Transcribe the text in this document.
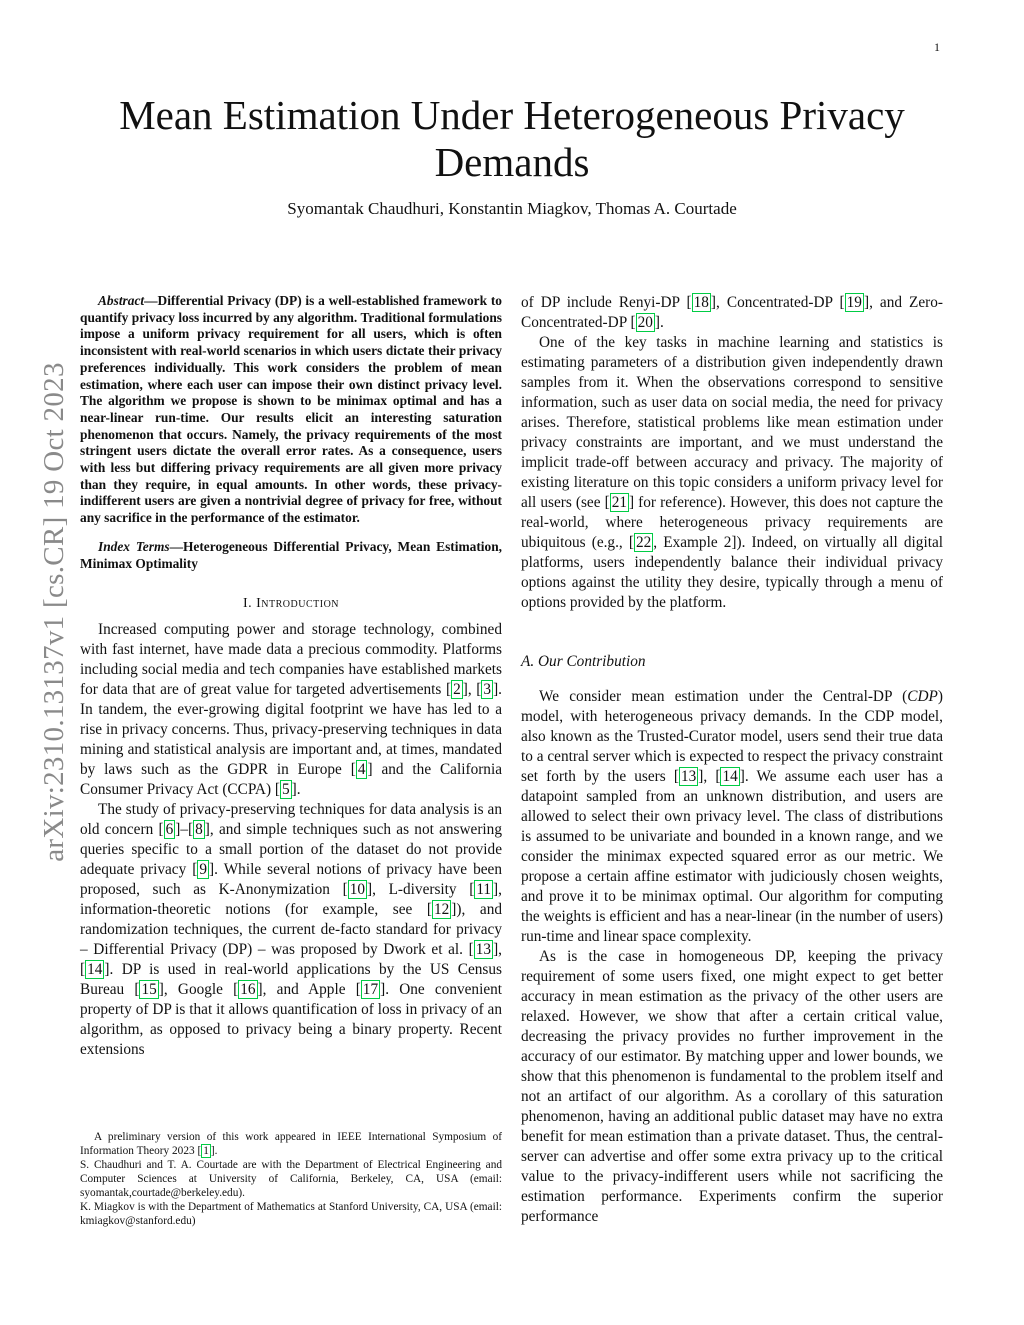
1
arXiv:2310.13137v1 [cs.CR] 19 Oct 2023
Mean Estimation Under Heterogeneous Privacy
Demands
Syomantak Chaudhuri, Konstantin Miagkov, Thomas A. Courtade

Abstract—Differential Privacy (DP) is a well-established framework to quantify privacy loss incurred by any algorithm. Traditional formulations impose a uniform privacy requirement for all users, which is often inconsistent with real-world scenarios in which users dictate their privacy preferences individually. This work considers the problem of mean estimation, where each user can impose their own distinct privacy level. The algorithm we propose is shown to be minimax optimal and has a near-linear run-time. Our results elicit an interesting saturation phenomenon that occurs. Namely, the privacy requirements of the most stringent users dictate the overall error rates. As a consequence, users with less but differing privacy requirements are all given more privacy than they require, in equal amounts. In other words, these privacy-indifferent users are given a nontrivial degree of privacy for free, without any sacrifice in the performance of the estimator.

Index Terms—Heterogeneous Differential Privacy, Mean Estimation, Minimax Optimality

I. Introduction

Increased computing power and storage technology, combined with fast internet, have made data a precious commodity. Platforms including social media and tech companies have established markets for data that are of great value for targeted advertisements [ 2 ], [ 3 ]. In tandem, the ever-growing digital footprint we have has led to a rise in privacy concerns. Thus, privacy-preserving techniques in data mining and statistical analysis are important and, at times, mandated by laws such as the GDPR in Europe [ 4 ] and the California Consumer Privacy Act (CCPA) [ 5 ].

The study of privacy-preserving techniques for data analysis is an old concern [ 6 ]–[ 8 ], and simple techniques such as not answering queries specific to a small portion of the dataset do not provide adequate privacy [ 9 ]. While several notions of privacy have been proposed, such as K-Anonymization [ 10 ], L-diversity [ 11 ], information-theoretic notions (for example, see [ 12 ]), and randomization techniques, the current de-facto standard for privacy – Differential Privacy (DP) – was proposed by Dwork et al. [ 13 ], [ 14 ]. DP is used in real-world applications by the US Census Bureau [ 15 ], Google [ 16 ], and Apple [ 17 ]. One convenient property of DP is that it allows quantification of loss in privacy of an algorithm, as opposed to privacy being a binary property. Recent extensions

A preliminary version of this work appeared in IEEE International Symposium of Information Theory 2023 [ 1 ].

S. Chaudhuri and T. A. Courtade are with the Department of Electrical Engineering and Computer Sciences at University of California, Berkeley, CA, USA (email: syomantak,courtade@berkeley.edu).

K. Miagkov is with the Department of Mathematics at Stanford University, CA, USA (email: kmiagkov@stanford.edu)

of DP include Renyi-DP [ 18 ], Concentrated-DP [ 19 ], and Zero-Concentrated-DP [ 20 ].

One of the key tasks in machine learning and statistics is estimating parameters of a distribution given independently drawn samples from it. When the observations correspond to sensitive information, such as user data on social media, the need for privacy arises. Therefore, statistical problems like mean estimation under privacy constraints are important, and we must understand the implicit trade-off between accuracy and privacy. The majority of existing literature on this topic considers a uniform privacy level for all users (see [ 21 ] for reference). However, this does not capture the real-world, where heterogeneous privacy requirements are ubiquitous (e.g., [ 22 , Example 2]). Indeed, on virtually all digital platforms, users independently balance their individual privacy options against the utility they desire, typically through a menu of options provided by the platform.

A. Our Contribution

We consider mean estimation under the Central-DP (CDP) model, with heterogeneous privacy demands. In the CDP model, also known as the Trusted-Curator model, users send their true data to a central server which is expected to respect the privacy constraint set forth by the users [ 13 ], [ 14 ]. We assume each user has a datapoint sampled from an unknown distribution, and users are allowed to select their own privacy level. The class of distributions is assumed to be univariate and bounded in a known range, and we consider the minimax expected squared error as our metric. We propose a certain affine estimator with judiciously chosen weights, and prove it to be minimax optimal. Our algorithm for computing the weights is efficient and has a near-linear (in the number of users) run-time and linear space complexity.

As is the case in homogeneous DP, keeping the privacy requirement of some users fixed, one might expect to get better accuracy in mean estimation as the privacy of the other users are relaxed. However, we show that after a certain critical value, decreasing the privacy provides no further improvement in the accuracy of our estimator. By matching upper and lower bounds, we show that this phenomenon is fundamental to the problem itself and not an artifact of our algorithm. As a corollary of this saturation phenomenon, having an additional public dataset may have no extra benefit for mean estimation than a private dataset. Thus, the central-server can advertise and offer some extra privacy up to the critical value to the privacy-indifferent users while not sacrificing the estimation performance. Experiments confirm the superior performance
